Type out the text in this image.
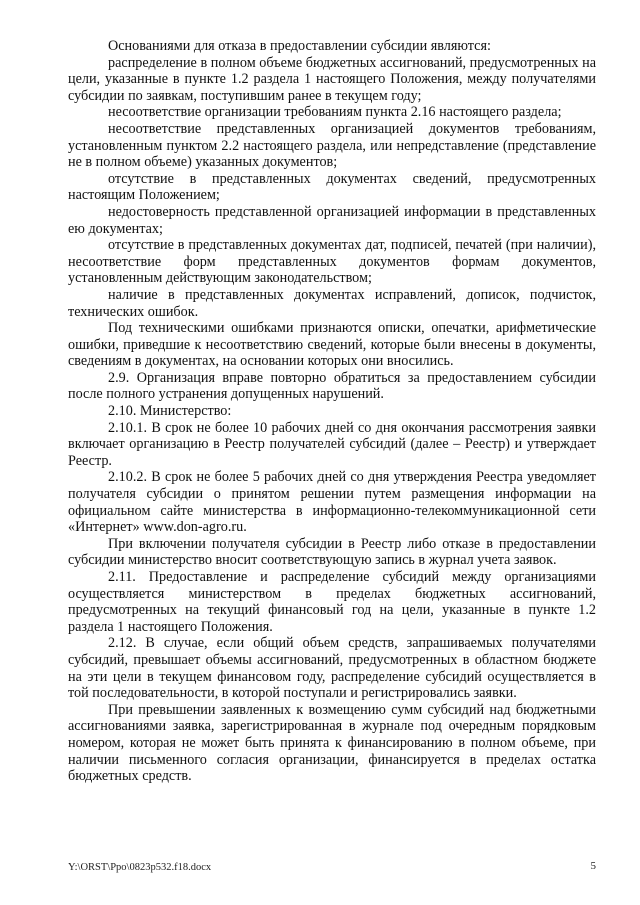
Основаниями для отказа в предоставлении субсидии являются:

распределение в полном объеме бюджетных ассигнований, предусмотренных на цели, указанные в пункте 1.2 раздела 1 настоящего Положения, между получателями субсидии по заявкам, поступившим ранее в текущем году;

несоответствие организации требованиям пункта 2.16 настоящего раздела;

несоответствие представленных организацией документов требованиям, установленным пунктом 2.2 настоящего раздела, или непредставление (представление не в полном объеме) указанных документов;

отсутствие в представленных документах сведений, предусмотренных настоящим Положением;

недостоверность представленной организацией информации в представленных ею документах;

отсутствие в представленных документах дат, подписей, печатей (при наличии), несоответствие форм представленных документов формам документов, установленным действующим законодательством;

наличие в представленных документах исправлений, дописок, подчисток, технических ошибок.

Под техническими ошибками признаются описки, опечатки, арифметические ошибки, приведшие к несоответствию сведений, которые были внесены в документы, сведениям в документах, на основании которых они вносились.

2.9. Организация вправе повторно обратиться за предоставлением субсидии после полного устранения допущенных нарушений.

2.10. Министерство:

2.10.1. В срок не более 10 рабочих дней со дня окончания рассмотрения заявки включает организацию в Реестр получателей субсидий (далее – Реестр) и утверждает Реестр.

2.10.2. В срок не более 5 рабочих дней со дня утверждения Реестра уведомляет получателя субсидии о принятом решении путем размещения информации на официальном сайте министерства в информационно-телекоммуникационной сети «Интернет» www.don-agro.ru.

При включении получателя субсидии в Реестр либо отказе в предоставлении субсидии министерство вносит соответствующую запись в журнал учета заявок.

2.11. Предоставление и распределение субсидий между организациями осуществляется министерством в пределах бюджетных ассигнований, предусмотренных на текущий финансовый год на цели, указанные в пункте 1.2 раздела 1 настоящего Положения.

2.12. В случае, если общий объем средств, запрашиваемых получателями субсидий, превышает объемы ассигнований, предусмотренных в областном бюджете на эти цели в текущем финансовом году, распределение субсидий осуществляется в той последовательности, в которой поступали и регистрировались заявки.

При превышении заявленных к возмещению сумм субсидий над бюджетными ассигнованиями заявка, зарегистрированная в журнале под очередным порядковым номером, которая не может быть принята к финансированию в полном объеме, при наличии письменного согласия организации, финансируется в пределах остатка бюджетных средств.

Y:\ORST\Ppo\0823p532.f18.docx	5
